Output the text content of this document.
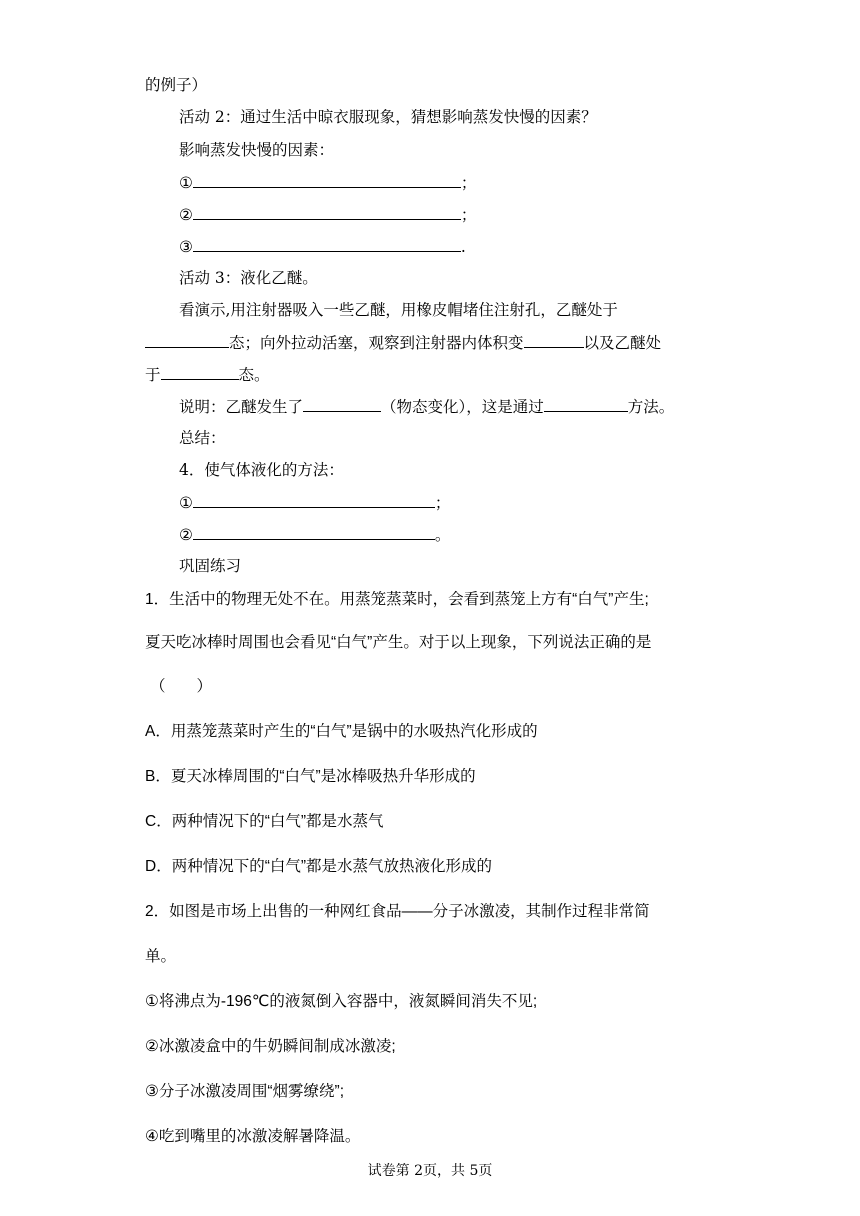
的例子）
活动 2：通过生活中晾衣服现象，猜想影响蒸发快慢的因素？
影响蒸发快慢的因素：
①	；
②	；
③	.
活动 3：液化乙醚。
看演示,用注射器吸入一些乙醚，用橡皮帽堵住注射孔，乙醚处于
态；向外拉动活塞，观察到注射器内体积变	以及乙醚处
于	态。
说明：乙醚发生了	（物态变化），这是通过	方法。
总结：
4．使气体液化的方法：
①	；
②	。
巩固练习
1．生活中的物理无处不在。用蒸笼蒸菜时，会看到蒸笼上方有“白气”产生;
夏天吃冰棒时周围也会看见“白气”产生。对于以上现象，下列说法正确的是
（　　）
A．用蒸笼蒸菜时产生的“白气”是锅中的水吸热汽化形成的
B．夏天冰棒周围的“白气”是冰棒吸热升华形成的
C．两种情况下的“白气”都是水蒸气
D．两种情况下的“白气”都是水蒸气放热液化形成的
2．如图是市场上出售的一种网红食品——分子冰激凌，其制作过程非常简
单。
①将沸点为-196℃的液氮倒入容器中，液氮瞬间消失不见;
②冰激凌盒中的牛奶瞬间制成冰激凌;
③分子冰激凌周围“烟雾缭绕”;
④吃到嘴里的冰激凌解暑降温。
试卷第 2页，共 5页
